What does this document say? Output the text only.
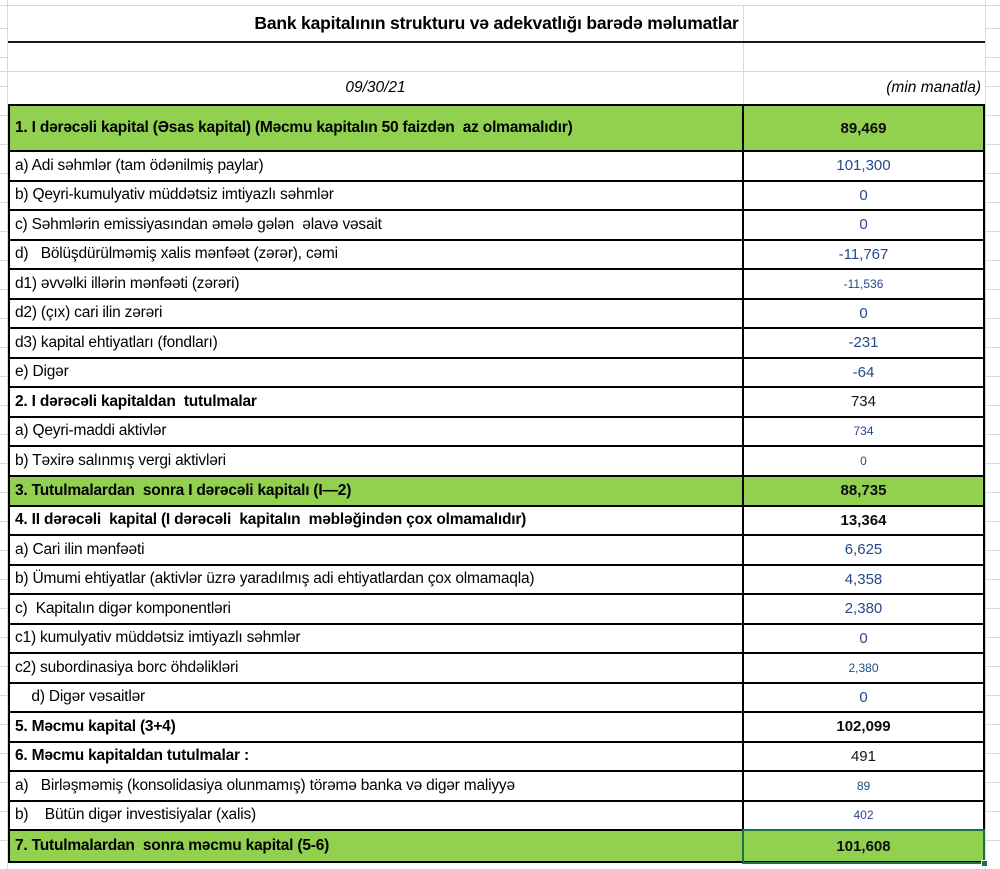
Bank kapitalının strukturu və adekvatlığı barədə məlumatlar
09/30/21	(min manatla)
1. I dərəcəli kapital (Əsas kapital) (Məcmu kapitalın 50 faizdən  az olmamalıdır)	89,469
a) Adi səhmlər (tam ödənilmiş paylar)	101,300
b) Qeyri-kumulyativ müddətsiz imtiyazlı səhmlər	0
c) Səhmlərin emissiyasından əmələ gələn  əlavə vəsait	0
d)   Bölüşdürülməmiş xalis mənfəət (zərər), cəmi	-11,767
d1) əvvəlki illərin mənfəəti (zərəri)	-11,536
d2) (çıx) cari ilin zərəri	0
d3) kapital ehtiyatları (fondları)	-231
e) Digər	-64
2. I dərəcəli kapitaldan  tutulmalar	734
a) Qeyri-maddi aktivlər	734
b) Təxirə salınmış vergi aktivləri	0
3. Tutulmalardan  sonra I dərəcəli kapitalı (I—2)	88,735
4. II dərəcəli  kapital (I dərəcəli  kapitalın  məbləğindən çox olmamalıdır)	13,364
a) Cari ilin mənfəəti	6,625
b) Ümumi ehtiyatlar (aktivlər üzrə yaradılmış adi ehtiyatlardan çox olmamaqla)	4,358
c)  Kapitalın digər komponentləri	2,380
c1) kumulyativ müddətsiz imtiyazlı səhmlər	0
c2) subordinasiya borc öhdəlikləri	2,380
d) Digər vəsaitlər	0
5. Məcmu kapital (3+4)	102,099
6. Məcmu kapitaldan tutulmalar :	491
a)   Birləşməmiş (konsolidasiya olunmamış) törəmə banka və digər maliyyə	89
b)    Bütün digər investisiyalar (xalis)	402
7. Tutulmalardan  sonra məcmu kapital (5-6)	101,608
